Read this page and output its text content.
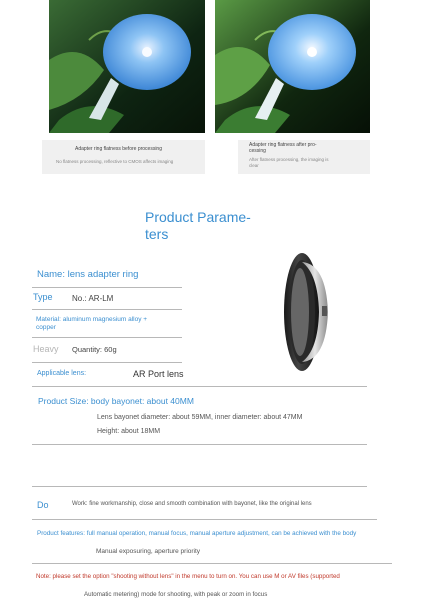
Adapter ring flatness before processing
No flatness processing, reflective to CMOS affects imaging
Adapter ring flatness after pro-
cessing
After flatness processing, the imaging is
clear
Product Parame-
ters
Name: lens adapter ring
Type No.: AR-LM
Material: aluminum magnesium alloy +
copper
Heavy Quantity: 60g
Applicable lens:	AR Port lens
Product Size: body bayonet: about 40MM
Lens bayonet diameter: about 59MM, inner diameter: about 47MM
Height: about 18MM
Do	Work: fine workmanship, close and smooth combination with bayonet, like the original lens
Product features: full manual operation, manual focus, manual aperture adjustment, can be achieved with the body
Manual exposuring, aperture priority
Note: please set the option "shooting without lens" in the menu to turn on. You can use M or AV files (supported
Automatic metering) mode for shooting, with peak or zoom in focus
